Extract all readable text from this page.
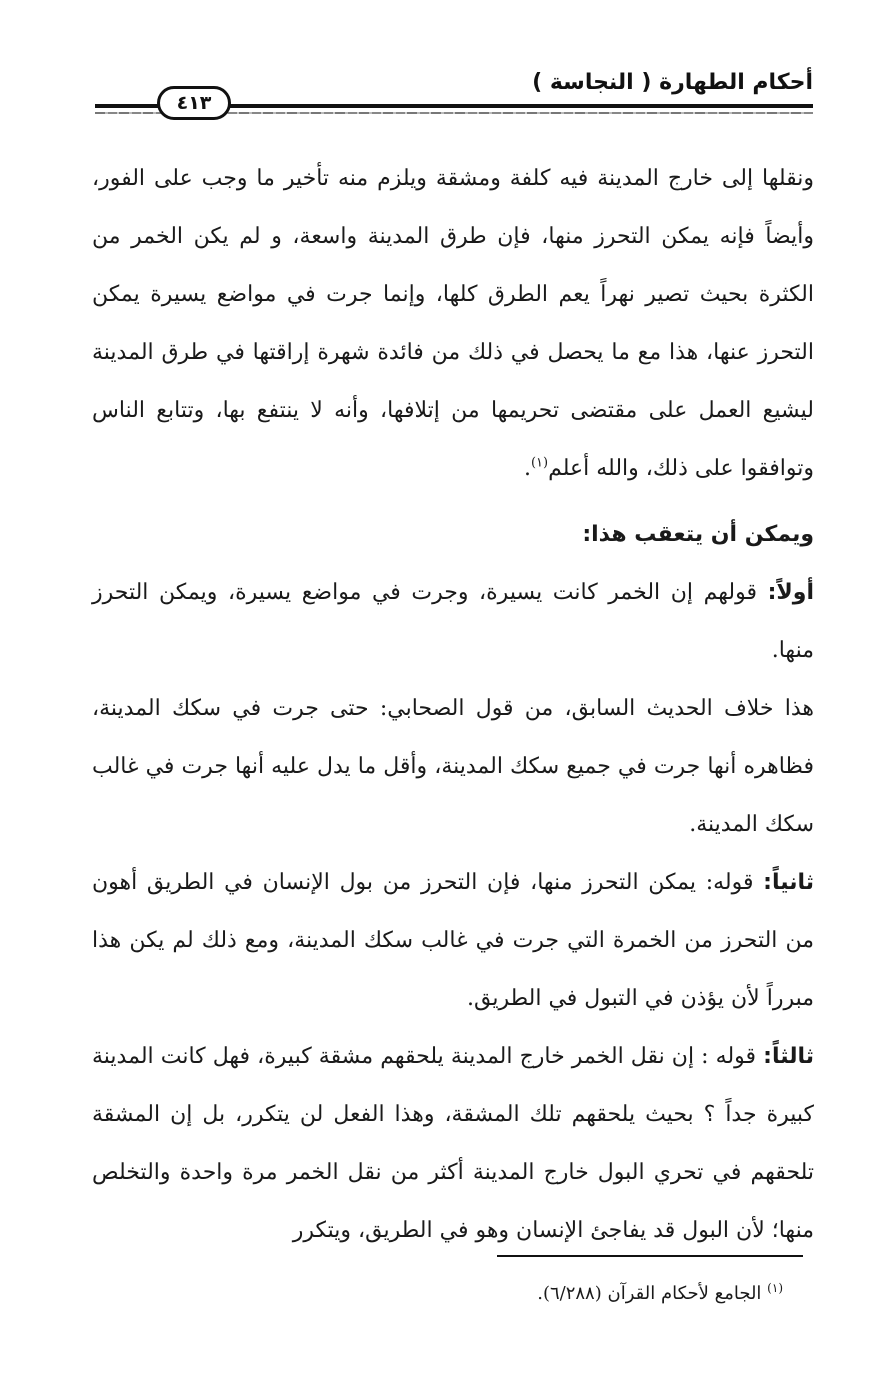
أحكام الطهارة ( النجاسة )
٤١٣

ونقلها إلى خارج المدينة فيه كلفة ومشقة ويلزم منه تأخير ما وجب على الفور، وأيضاً فإنه يمكن التحرز منها، فإن طرق المدينة واسعة، و لم يكن الخمر من الكثرة بحيث تصير نهراً يعم الطرق كلها، وإنما جرت في مواضع يسيرة يمكن التحرز عنها، هذا مع ما يحصل في ذلك من فائدة شهرة إراقتها في طرق المدينة ليشيع العمل على مقتضى تحريمها من إتلافها، وأنه لا ينتفع بها، وتتابع الناس وتوافقوا على ذلك، والله أعلم$^{(١)}$.

ويمكن أن يتعقب هذا:

أولاً: قولهم إن الخمر كانت يسيرة، وجرت في مواضع يسيرة، ويمكن التحرز منها.

هذا خلاف الحديث السابق، من قول الصحابي: حتى جرت في سكك المدينة، فظاهره أنها جرت في جميع سكك المدينة، وأقل ما يدل عليه أنها جرت في غالب سكك المدينة.

ثانياً: قوله: يمكن التحرز منها، فإن التحرز من بول الإنسان في الطريق أهون من التحرز من الخمرة التي جرت في غالب سكك المدينة، ومع ذلك لم يكن هذا مبرراً لأن يؤذن في التبول في الطريق.

ثالثاً: قوله : إن نقل الخمر خارج المدينة يلحقهم مشقة كبيرة، فهل كانت المدينة كبيرة جداً ؟ بحيث يلحقهم تلك المشقة، وهذا الفعل لن يتكرر، بل إن المشقة تلحقهم في تحري البول خارج المدينة أكثر من نقل الخمر مرة واحدة والتخلص منها؛ لأن البول قد يفاجئ الإنسان وهو في الطريق، ويتكرر

$^{(١)}$ الجامع لأحكام القرآن (٦/٢٨٨).
